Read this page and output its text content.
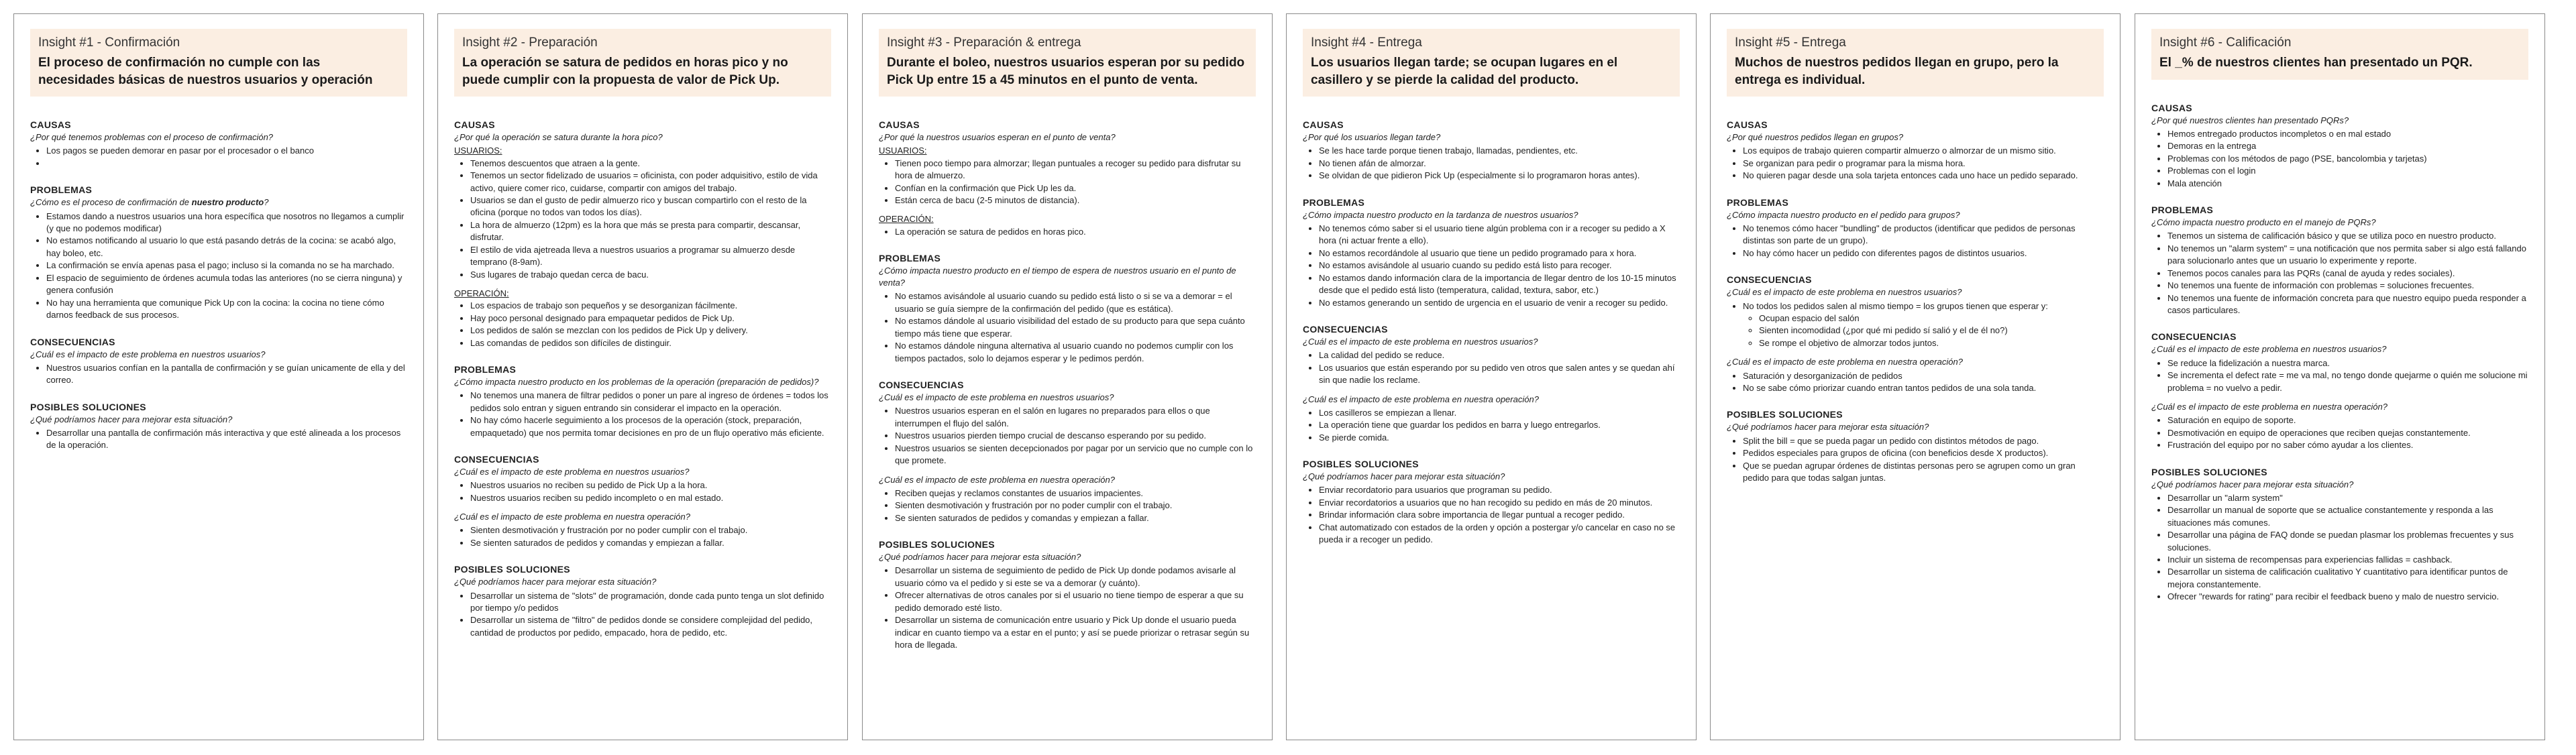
Insight #1 - Confirmación
El proceso de confirmación no cumple con las necesidades básicas de nuestros usuarios y operación
CAUSAS
¿Por qué tenemos problemas con el proceso de confirmación?
• Los pagos se pueden demorar en pasar por el procesador o el banco
•
PROBLEMAS
¿Cómo es el proceso de confirmación de nuestro producto?
• Estamos dando a nuestros usuarios una hora específica que nosotros no llegamos a cumplir (y que no podemos modificar)
• No estamos notificando al usuario lo que está pasando detrás de la cocina: se acabó algo, hay boleo, etc.
• La confirmación se envía apenas pasa el pago; incluso si la comanda no se ha marchado.
• El espacio de seguimiento de órdenes acumula todas las anteriores (no se cierra ninguna) y genera confusión
• No hay una herramienta que comunique Pick Up con la cocina: la cocina no tiene cómo darnos feedback de sus procesos.
CONSECUENCIAS
¿Cuál es el impacto de este problema en nuestros usuarios?
• Nuestros usuarios confían en la pantalla de confirmación y se guían unicamente de ella y del correo.
POSIBLES SOLUCIONES
¿Qué podríamos hacer para mejorar esta situación?
• Desarrollar una pantalla de confirmación más interactiva y que esté alineada a los procesos de la operación.
Insight #2 - Preparación
La operación se satura de pedidos en horas pico y no puede cumplir con la propuesta de valor de Pick Up.
CAUSAS
¿Por qué la operación se satura durante la hora pico?
USUARIOS:
• Tenemos descuentos que atraen a la gente.
• Tenemos un sector fidelizado de usuarios = oficinista, con poder adquisitivo, estilo de vida activo, quiere comer rico, cuidarse, compartir con amigos del trabajo.
• Usuarios se dan el gusto de pedir almuerzo rico y buscan compartirlo con el resto de la oficina (porque no todos van todos los días).
• La hora de almuerzo (12pm) es la hora que más se presta para compartir, descansar, disfrutar.
• El estilo de vida ajetreada lleva a nuestros usuarios a programar su almuerzo desde temprano (8-9am).
• Sus lugares de trabajo quedan cerca de bacu.
OPERACIÓN:
• Los espacios de trabajo son pequeños y se desorganizan fácilmente.
• Hay poco personal designado para empaquetar pedidos de Pick Up.
• Los pedidos de salón se mezclan con los pedidos de Pick Up y delivery.
• Las comandas de pedidos son difíciles de distinguir.
PROBLEMAS
¿Cómo impacta nuestro producto en los problemas de la operación (preparación de pedidos)?
• No tenemos una manera de filtrar pedidos o poner un pare al ingreso de órdenes = todos los pedidos solo entran y siguen entrando sin considerar el impacto en la operación.
• No hay cómo hacerle seguimiento a los procesos de la operación (stock, preparación, empaquetado) que nos permita tomar decisiones en pro de un flujo operativo más eficiente.
CONSECUENCIAS
¿Cuál es el impacto de este problema en nuestros usuarios?
• Nuestros usuarios no reciben su pedido de Pick Up a la hora.
• Nuestros usuarios reciben su pedido incompleto o en mal estado.
¿Cuál es el impacto de este problema en nuestra operación?
• Sienten desmotivación y frustración por no poder cumplir con el trabajo.
• Se sienten saturados de pedidos y comandas y empiezan a fallar.
POSIBLES SOLUCIONES
¿Qué podríamos hacer para mejorar esta situación?
• Desarrollar un sistema de "slots" de programación, donde cada punto tenga un slot definido por tiempo y/o pedidos
• Desarrollar un sistema de "filtro" de pedidos donde se considere complejidad del pedido, cantidad de productos por pedido, empacado, hora de pedido, etc.
Insight #3 - Preparación & entrega
Durante el boleo, nuestros usuarios esperan por su pedido Pick Up entre 15 a 45 minutos en el punto de venta.
CAUSAS
¿Por qué la nuestros usuarios esperan en el punto de venta?
USUARIOS:
• Tienen poco tiempo para almorzar; llegan puntuales a recoger su pedido para disfrutar su hora de almuerzo.
• Confían en la confirmación que Pick Up les da.
• Están cerca de bacu (2-5 minutos de distancia).
OPERACIÓN:
• La operación se satura de pedidos en horas pico.
PROBLEMAS
¿Cómo impacta nuestro producto en el tiempo de espera de nuestros usuario en el punto de venta?
• No estamos avisándole al usuario cuando su pedido está listo o si se va a demorar = el usuario se guía siempre de la confirmación del pedido (que es estática).
• No estamos dándole al usuario visibilidad del estado de su producto para que sepa cuánto tiempo más tiene que esperar.
• No estamos dándole ninguna alternativa al usuario cuando no podemos cumplir con los tiempos pactados, solo lo dejamos esperar y le pedimos perdón.
CONSECUENCIAS
¿Cuál es el impacto de este problema en nuestros usuarios?
• Nuestros usuarios esperan en el salón en lugares no preparados para ellos o que interrumpen el flujo del salón.
• Nuestros usuarios pierden tiempo crucial de descanso esperando por su pedido.
• Nuestros usuarios se sienten decepcionados por pagar por un servicio que no cumple con lo que promete.
¿Cuál es el impacto de este problema en nuestra operación?
• Reciben quejas y reclamos constantes de usuarios impacientes.
• Sienten desmotivación y frustración por no poder cumplir con el trabajo.
• Se sienten saturados de pedidos y comandas y empiezan a fallar.
POSIBLES SOLUCIONES
¿Qué podríamos hacer para mejorar esta situación?
• Desarrollar un sistema de seguimiento de pedido de Pick Up donde podamos avisarle al usuario cómo va el pedido y si este se va a demorar (y cuánto).
• Ofrecer alternativas de otros canales por si el usuario no tiene tiempo de esperar a que su pedido demorado esté listo.
• Desarrollar un sistema de comunicación entre usuario y Pick Up donde el usuario pueda indicar en cuanto tiempo va a estar en el punto; y así se puede priorizar o retrasar según su hora de llegada.
Insight #4 - Entrega
Los usuarios llegan tarde; se ocupan lugares en el casillero y se pierde la calidad del producto.
CAUSAS
¿Por qué los usuarios llegan tarde?
• Se les hace tarde porque tienen trabajo, llamadas, pendientes, etc.
• No tienen afán de almorzar.
• Se olvidan de que pidieron Pick Up (especialmente si lo programaron horas antes).
PROBLEMAS
¿Cómo impacta nuestro producto en la tardanza de nuestros usuarios?
• No tenemos cómo saber si el usuario tiene algún problema con ir a recoger su pedido a X hora (ni actuar frente a ello).
• No estamos recordándole al usuario que tiene un pedido programado para x hora.
• No estamos avisándole al usuario cuando su pedido está listo para recoger.
• No estamos dando información clara de la importancia de llegar dentro de los 10-15 minutos desde que el pedido está listo (temperatura, calidad, textura, sabor, etc.)
• No estamos generando un sentido de urgencia en el usuario de venir a recoger su pedido.
CONSECUENCIAS
¿Cuál es el impacto de este problema en nuestros usuarios?
• La calidad del pedido se reduce.
• Los usuarios que están esperando por su pedido ven otros que salen antes y se quedan ahí sin que nadie los reclame.
¿Cuál es el impacto de este problema en nuestra operación?
• Los casilleros se empiezan a llenar.
• La operación tiene que guardar los pedidos en barra y luego entregarlos.
• Se pierde comida.
POSIBLES SOLUCIONES
¿Qué podríamos hacer para mejorar esta situación?
• Enviar recordatorio para usuarios que programan su pedido.
• Enviar recordatorios a usuarios que no han recogido su pedido en más de 20 minutos.
• Brindar información clara sobre importancia de llegar puntual a recoger pedido.
• Chat automatizado con estados de la orden y opción a postergar y/o cancelar en caso no se pueda ir a recoger un pedido.
Insight #5 - Entrega
Muchos de nuestros pedidos llegan en grupo, pero la entrega es individual.
CAUSAS
¿Por qué nuestros pedidos llegan en grupos?
• Los equipos de trabajo quieren compartir almuerzo o almorzar de un mismo sitio.
• Se organizan para pedir o programar para la misma hora.
• No quieren pagar desde una sola tarjeta entonces cada uno hace un pedido separado.
PROBLEMAS
¿Cómo impacta nuestro producto en el pedido para grupos?
• No tenemos cómo hacer "bundling" de productos (identificar que pedidos de personas distintas son parte de un grupo).
• No hay cómo hacer un pedido con diferentes pagos de distintos usuarios.
CONSECUENCIAS
¿Cuál es el impacto de este problema en nuestros usuarios?
• No todos los pedidos salen al mismo tiempo = los grupos tienen que esperar y:
◦ Ocupan espacio del salón
◦ Sienten incomodidad (¿por qué mi pedido sí salió y el de él no?)
◦ Se rompe el objetivo de almorzar todos juntos.
¿Cuál es el impacto de este problema en nuestra operación?
• Saturación y desorganización de pedidos
• No se sabe cómo priorizar cuando entran tantos pedidos de una sola tanda.
POSIBLES SOLUCIONES
¿Qué podríamos hacer para mejorar esta situación?
• Split the bill = que se pueda pagar un pedido con distintos métodos de pago.
• Pedidos especiales para grupos de oficina (con beneficios desde X productos).
• Que se puedan agrupar órdenes de distintas personas pero se agrupen como un gran pedido para que todas salgan juntas.
Insight #6 - Calificación
El _% de nuestros clientes han presentado un PQR.
CAUSAS
¿Por qué nuestros clientes han presentado PQRs?
• Hemos entregado productos incompletos o en mal estado
• Demoras en la entrega
• Problemas con los métodos de pago (PSE, bancolombia y tarjetas)
• Problemas con el login
• Mala atención
PROBLEMAS
¿Cómo impacta nuestro producto en el manejo de PQRs?
• Tenemos un sistema de calificación básico y que se utiliza poco en nuestro producto.
• No tenemos un "alarm system" = una notificación que nos permita saber si algo está fallando para solucionarlo antes que un usuario lo experimente y reporte.
• Tenemos pocos canales para las PQRs (canal de ayuda y redes sociales).
• No tenemos una fuente de información con problemas = soluciones frecuentes.
• No tenemos una fuente de información concreta para que nuestro equipo pueda responder a casos particulares.
CONSECUENCIAS
¿Cuál es el impacto de este problema en nuestros usuarios?
• Se reduce la fidelización a nuestra marca.
• Se incrementa el defect rate = me va mal, no tengo donde quejarme o quién me solucione mi problema = no vuelvo a pedir.
¿Cuál es el impacto de este problema en nuestra operación?
• Saturación en equipo de soporte.
• Desmotivación en equipo de operaciones que reciben quejas constantemente.
• Frustración del equipo por no saber cómo ayudar a los clientes.
POSIBLES SOLUCIONES
¿Qué podríamos hacer para mejorar esta situación?
• Desarrollar un "alarm system"
• Desarrollar un manual de soporte que se actualice constantemente y responda a las situaciones más comunes.
• Desarrollar una página de FAQ donde se puedan plasmar los problemas frecuentes y sus soluciones.
• Incluir un sistema de recompensas para experiencias fallidas = cashback.
• Desarrollar un sistema de calificación cualitativo Y cuantitativo para identificar puntos de mejora constantemente.
• Ofrecer "rewards for rating" para recibir el feedback bueno y malo de nuestro servicio.
